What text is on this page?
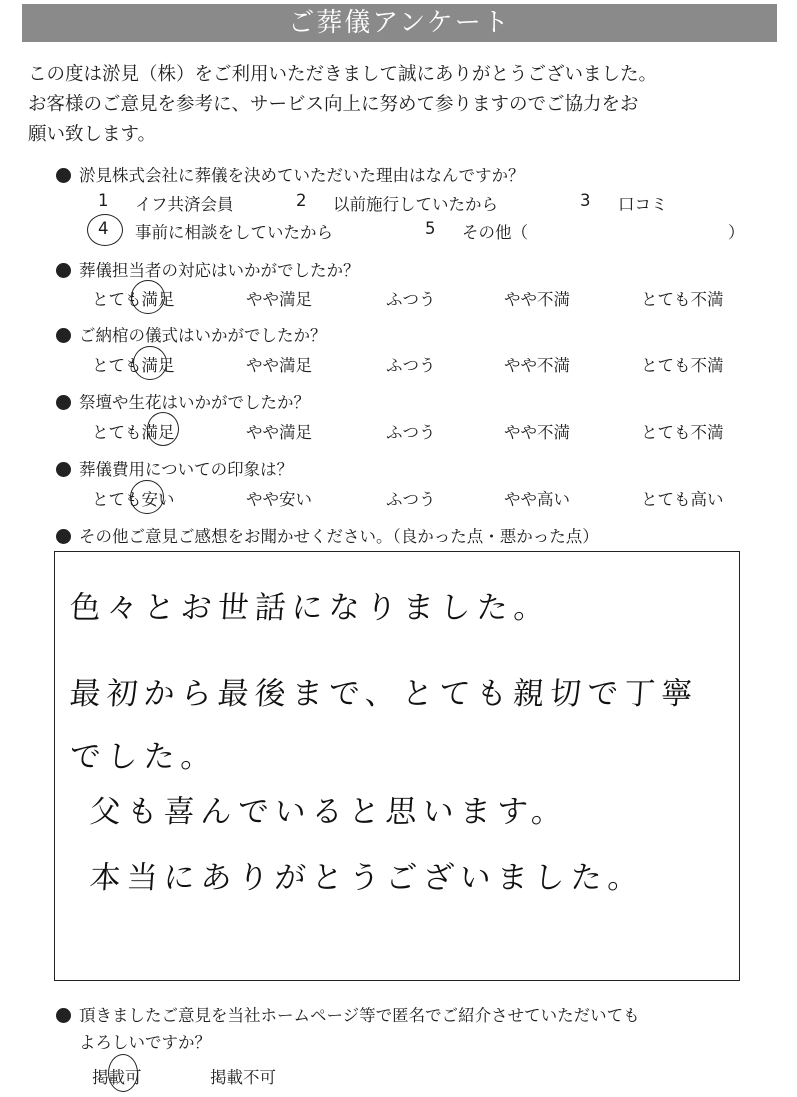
ご葬儀アンケート
この度は淤見（株）をご利用いただきまして誠にありがとうございました。
お客様のご意見を参考に、サービス向上に努めて参りますのでご協力をお
願い致します。
淤見株式会社に葬儀を決めていただいた理由はなんですか？
1 イフ共済会員	2 以前施行していたから	3 口コミ
4 事前に相談をしていたから	5 その他（	）
葬儀担当者の対応はいかがでしたか？
とても満足	やや満足	ふつう	やや不満	とても不満
ご納棺の儀式はいかがでしたか？
とても満足	やや満足	ふつう	やや不満	とても不満
祭壇や生花はいかがでしたか？
とても満足	やや満足	ふつう	やや不満	とても不満
葬儀費用についての印象は？
とても安い	やや安い	ふつう	やや高い	とても高い
その他ご意見ご感想をお聞かせください。（良かった点・悪かった点）
色々とお世話になりました。
最初から最後まで、とても親切で丁寧
でした。
父も喜んでいると思います。
本当にありがとうございました。
頂きましたご意見を当社ホームページ等で匿名でご紹介させていただいても
よろしいですか？
掲載可	掲載不可
